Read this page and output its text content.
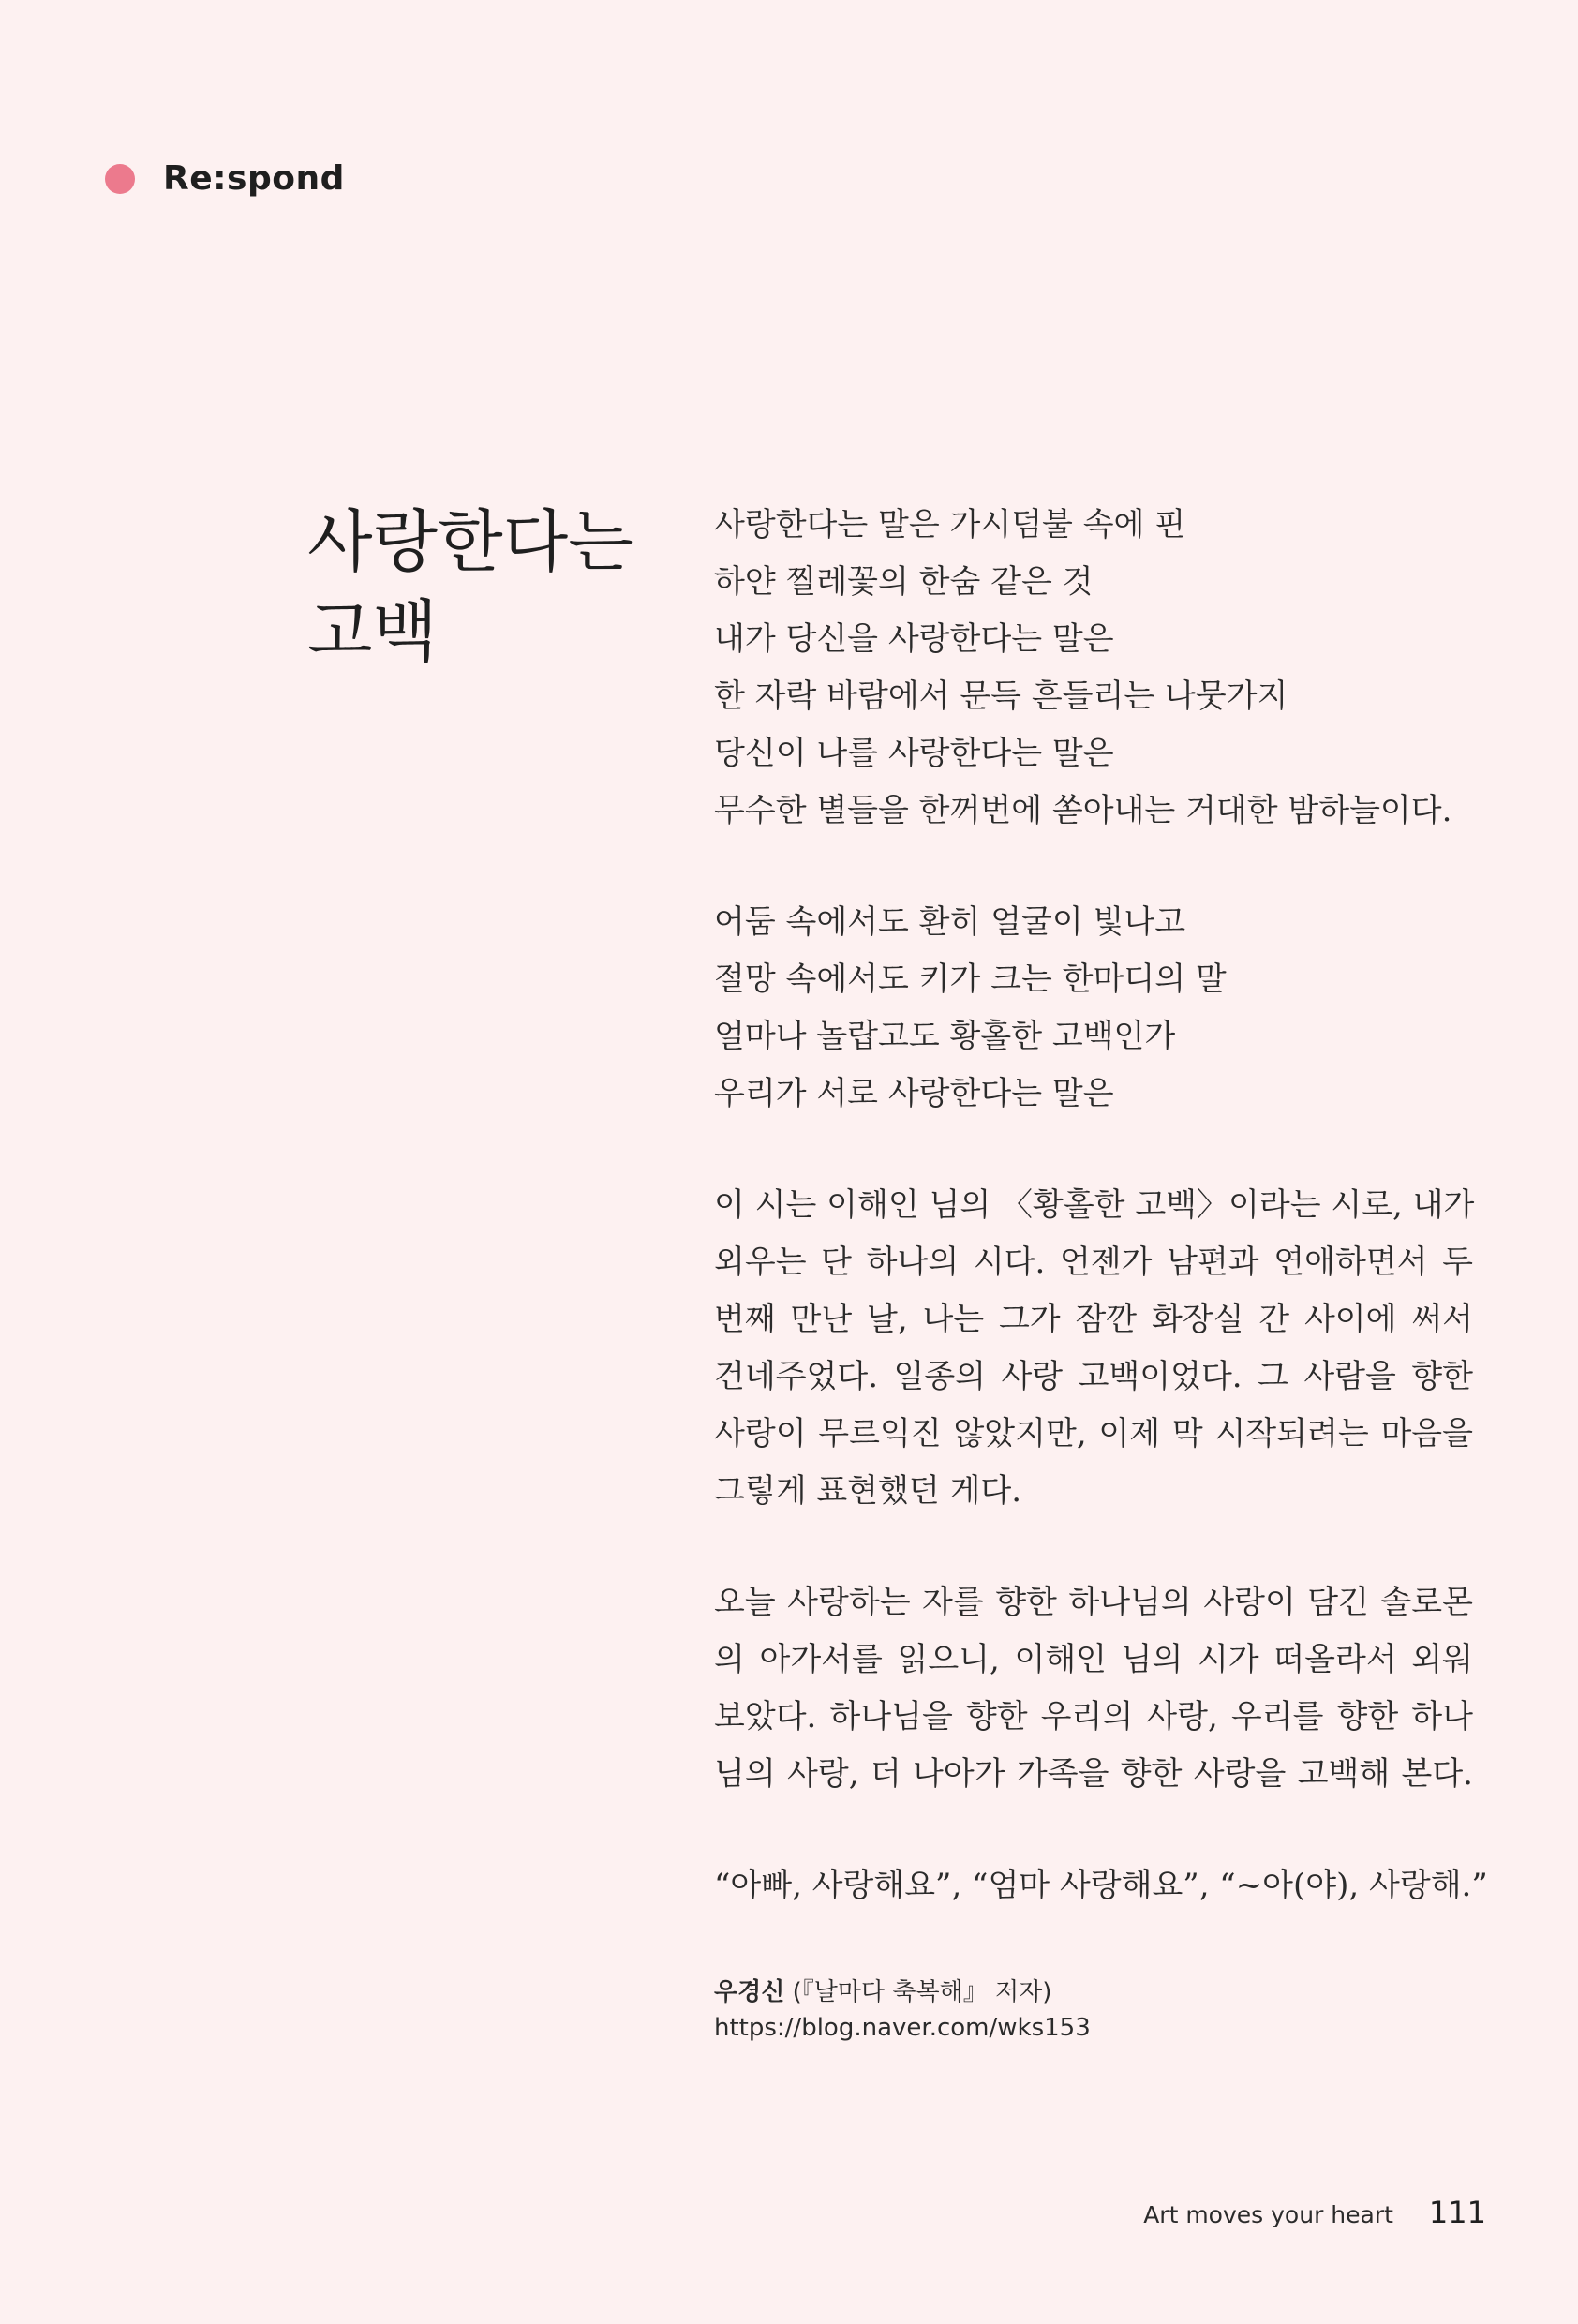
Re:spond
사랑한다는
고백
사랑한다는 말은 가시덤불 속에 핀
하얀 찔레꽃의 한숨 같은 것
내가 당신을 사랑한다는 말은
한 자락 바람에서 문득 흔들리는 나뭇가지
당신이 나를 사랑한다는 말은
무수한 별들을 한꺼번에 쏟아내는 거대한 밤하늘이다.
어둠 속에서도 환히 얼굴이 빛나고
절망 속에서도 키가 크는 한마디의 말
얼마나 놀랍고도 황홀한 고백인가
우리가 서로 사랑한다는 말은
이 시는 이해인 님의 〈황홀한 고백〉이라는 시로, 내가
외우는 단 하나의 시다. 언젠가 남편과 연애하면서 두
번째 만난 날, 나는 그가 잠깐 화장실 간 사이에 써서
건네주었다. 일종의 사랑 고백이었다. 그 사람을 향한
사랑이 무르익진 않았지만, 이제 막 시작되려는 마음을
그렇게 표현했던 게다.
오늘 사랑하는 자를 향한 하나님의 사랑이 담긴 솔로몬
의 아가서를 읽으니, 이해인 님의 시가 떠올라서 외워
보았다. 하나님을 향한 우리의 사랑, 우리를 향한 하나
님의 사랑, 더 나아가 가족을 향한 사랑을 고백해 본다.
“아빠, 사랑해요”, “엄마 사랑해요”, “~아(야), 사랑해.”
우경신 (『날마다 축복해』 저자)
https://blog.naver.com/wks153
Art moves your heart 111
